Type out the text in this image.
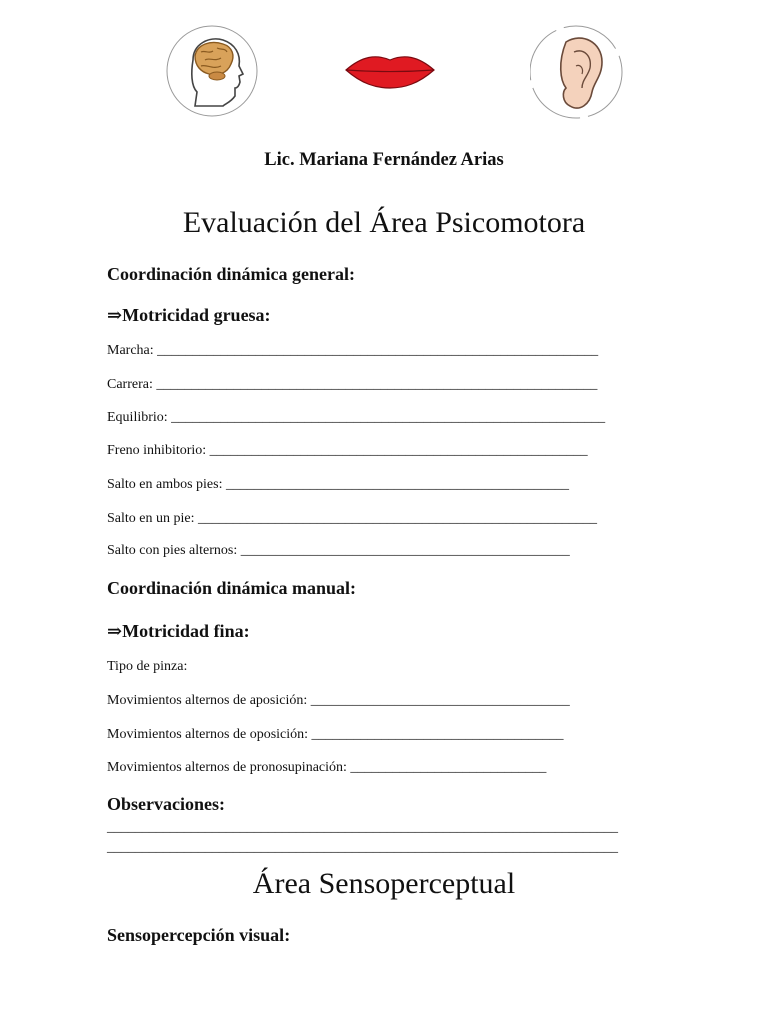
Lic. Mariana Fernández Arias
Evaluación del Área Psicomotora
Coordinación dinámica general:
⇒Motricidad gruesa:
Marcha: _______________________________________________________________
Carrera: _______________________________________________________________
Equilibrio: ______________________________________________________________
Freno inhibitorio: ______________________________________________________
Salto en ambos pies: _________________________________________________
Salto en un pie: _________________________________________________________
Salto con pies alternos: _______________________________________________
Coordinación dinámica manual:
⇒Motricidad fina:
Tipo de pinza:
Movimientos alternos de aposición: _____________________________________
Movimientos alternos de oposición: ____________________________________
Movimientos alternos de pronosupinación: ____________________________
Observaciones:
_________________________________________________________________________
_________________________________________________________________________
Área Sensoperceptual
Sensopercepción visual:
